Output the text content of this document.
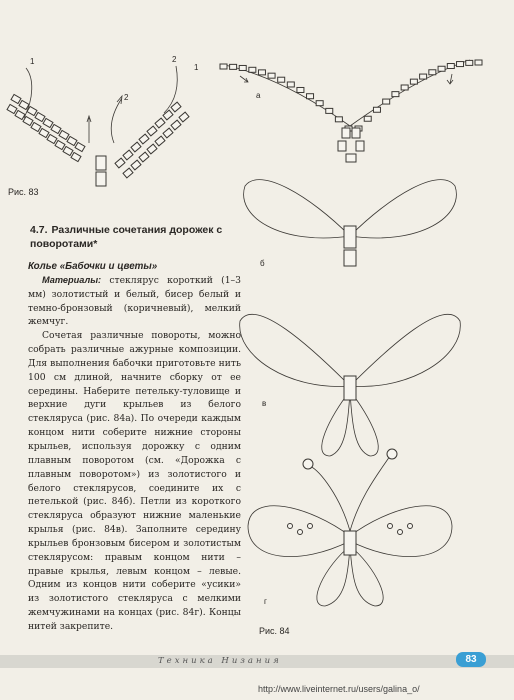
1
2
2
1
Рис. 83
4.7. Различные сочетания дорожек с поворотами*

Колье «Бабочки и цветы»

Материалы: стеклярус короткий (1–3 мм) золотистый и белый, бисер белый и темно-бронзовый (коричневый), мелкий жемчуг.

Сочетая различные повороты, можно собрать различные ажурные композиции. Для выполнения бабочки приготовьте нить 100 см длиной, начните сборку от ее середины. Наберите петельку-туловище и верхние дуги крыльев из белого стекляруса (рис. 84а). По очереди каждым концом нити соберите нижние стороны крыльев, используя дорожку с одним плавным поворотом (см. «Дорожка с плавным поворотом») из золотистого и белого стеклярусов, соедините их с петелькой (рис. 84б). Петли из короткого стекляруса образуют нижние маленькие крылья (рис. 84в). Заполните середину крыльев бронзовым бисером и золотистым стеклярусом: правым концом нити – правые крылья, левым концом – левые. Одним из концов нити соберите «усики» из золотистого стекляруса с мелкими жемчужинами на концах (рис. 84г). Концы нитей закрепите.

а
б
в
г
Рис. 84
Техника Низания	83
http://www.liveinternet.ru/users/galina_o/
